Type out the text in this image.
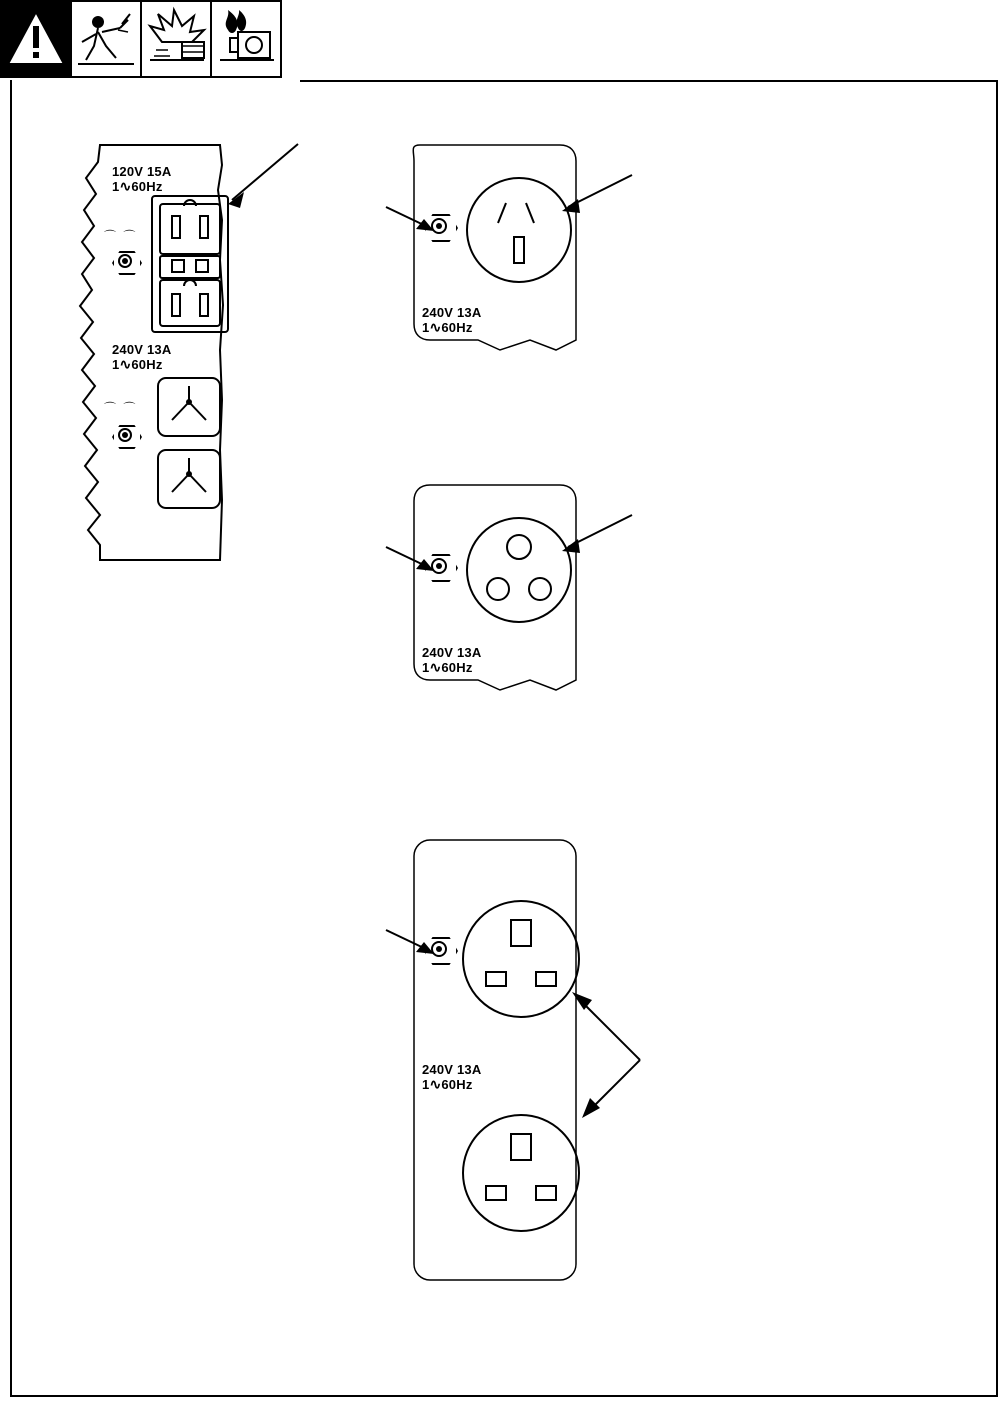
120V 15A
1∿60Hz
⌒ ⌒
240V 13A
1∿60Hz
⌒ ⌒
240V 13A
1∿60Hz
240V 13A
1∿60Hz
240V 13A
1∿60Hz
